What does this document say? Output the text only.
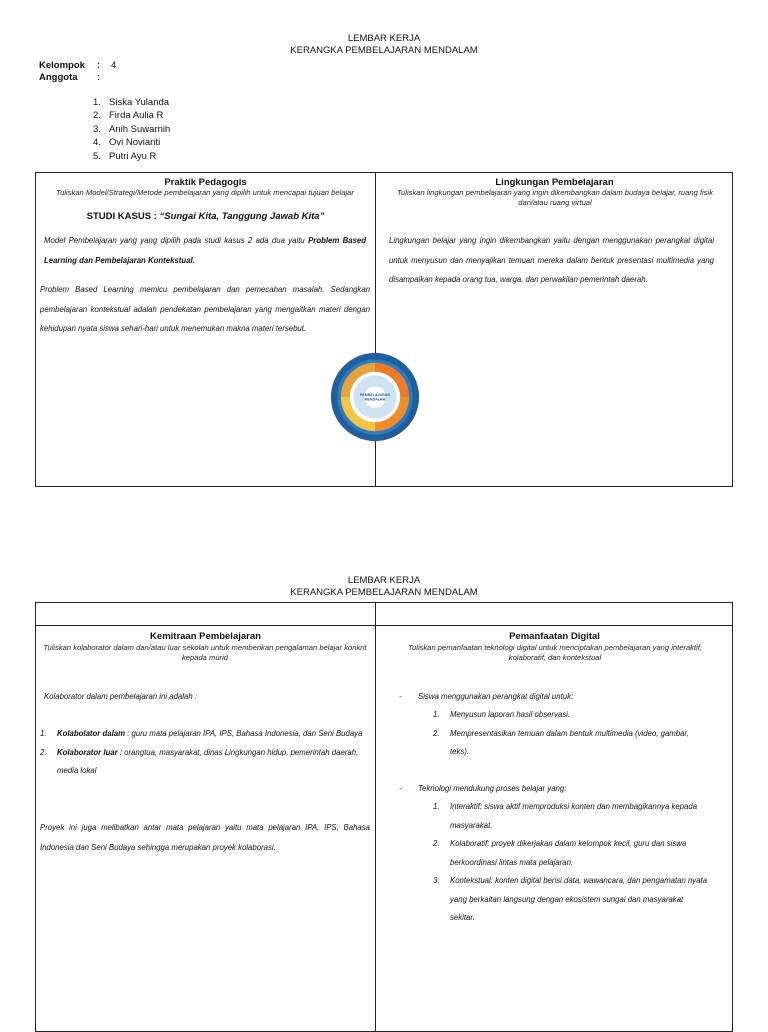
LEMBAR KERJA
KERANGKA PEMBELAJARAN MENDALAM
Kelompok : 4
Anggota :
1. Siska Yulanda
2. Firda Aulia R
3. Anih Suwarnih
4. Ovi Novianti
5. Putri Ayu R
Praktik Pedagogis
Tuliskan Model/Strategi/Metode pembelajaran yang dipilih untuk mencapai tujuan belajar
STUDI KASUS : “Sungai Kita, Tanggung Jawab Kita”
Model Pembelajaran yang yang dipilih pada studi kasus 2 ada dua yaitu Problem Based Learning dan Pembelajaran Kontekstual.
Problem Based Learning memicu pembelajaran dan pemecahan masalah. Sedangkan pembelajaran kontekstual adalah pendekatan pembelajaran yang mengaitkan materi dengan kehidupan nyata siswa sehari-hari untuk menemukan makna materi tersebut.
PEMBELAJARAN
MENDALAM
Lingkungan Pembelajaran
Tuliskan lingkungan pembelajaran yang ingin dikembangkan dalam budaya belajar, ruang fisik dan/atau ruang virtual
Lingkungan belajar yang ingin dikembangkan yaitu dengan menggunakan perangkat digital untuk menyusun dan menyajikan temuan mereka dalam bentuk presentasi multimedia yang disampaikan kepada orang tua, warga, dan perwakilan pemerintah daerah.
LEMBAR KERJA
KERANGKA PEMBELAJARAN MENDALAM
Kemitraan Pembelajaran
Tuliskan kolaborator dalam dan/atau luar sekolah untuk memberikan pengalaman belajar konkrit kepada murid
Kolaborator dalam pembelajaran ini adalah :
1.	Kolabolator dalam : guru mata pelajaran IPA, IPS, Bahasa Indonesia, dan Seni Budaya
2.	Kolaborator luar : orangtua, masyarakat, dinas Lingkungan hidup, pemerintah daerah, media lokal
Proyek ini juga melibatkan antar mata pelajaran yaitu mata pelajaran IPA, IPS, Bahasa Indonesia dan Seni Budaya sehingga merupakan proyek kolaborasi.
Pemanfaatan Digital
Tuliskan pemanfaatan teknologi digital untuk menciptakan pembelajaran yang interaktif, kolaboratif, dan kontekstual
- Siswa menggunakan perangkat digital untuk:
1.	Menyusun laporan hasil observasi.
2.	Mempresentasikan temuan dalam bentuk multimedia (video, gambar, teks).
- Teknologi mendukung proses belajar yang:
1.	Interaktif: siswa aktif memproduksi konten dan membagikannya kepada masyarakat.
2.	Kolaboratif: proyek dikerjakan dalam kelompok kecil, guru dan siswa berkoordinasi lintas mata pelajaran.
3.	Kontekstual: konten digital berisi data, wawancara, dan pengamatan nyata yang berkaitan langsung dengan ekosistem sungai dan masyarakat sekitar.
